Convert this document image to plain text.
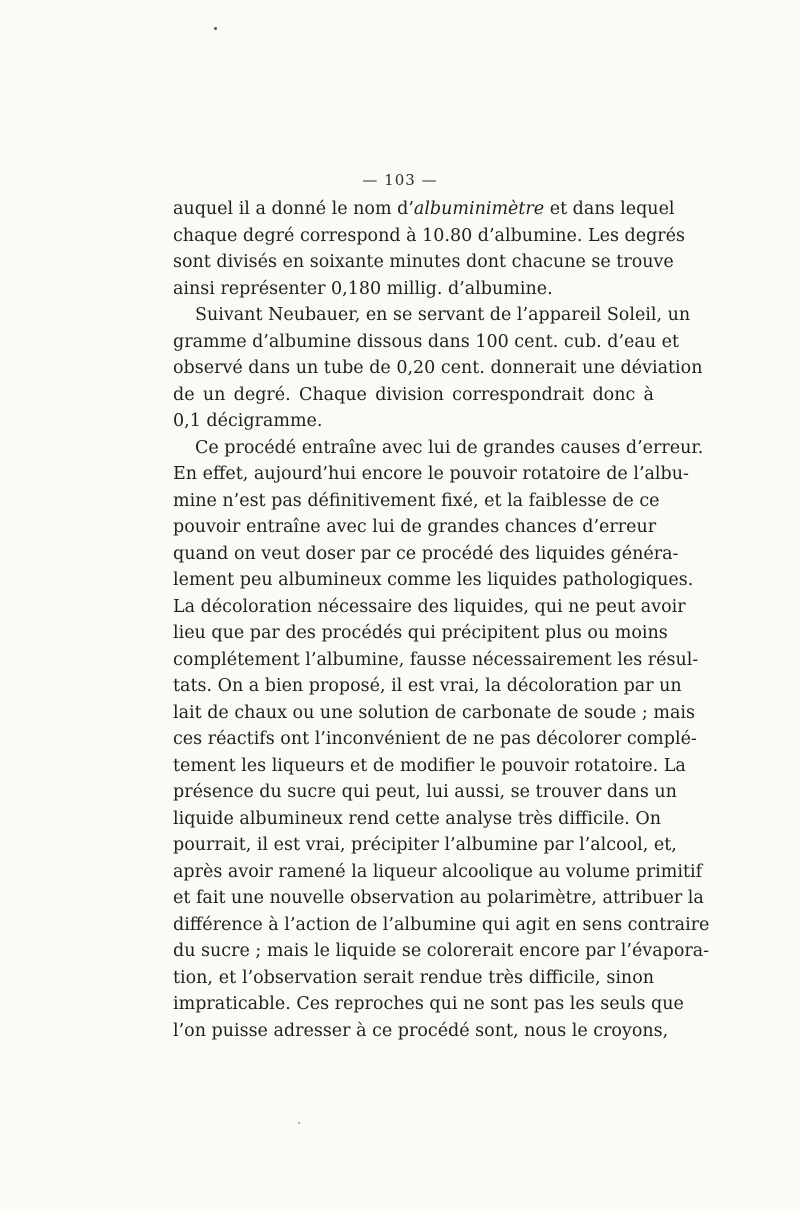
— 103 —
auquel il a donné le nom d’albuminimètre et dans lequel
chaque degré correspond à 10.80 d’albumine. Les degrés
sont divisés en soixante minutes dont chacune se trouve
ainsi représenter 0,180 millig. d’albumine.
Suivant Neubauer, en se servant de l’appareil Soleil, un
gramme d’albumine dissous dans 100 cent. cub. d’eau et
observé dans un tube de 0,20 cent. donnerait une déviation
de un degré. Chaque division correspondrait donc à
0,1 décigramme.
Ce procédé entraîne avec lui de grandes causes d’erreur.
En effet, aujourd’hui encore le pouvoir rotatoire de l’albu-
mine n’est pas définitivement fixé, et la faiblesse de ce
pouvoir entraîne avec lui de grandes chances d’erreur
quand on veut doser par ce procédé des liquides généra-
lement peu albumineux comme les liquides pathologiques.
La décoloration nécessaire des liquides, qui ne peut avoir
lieu que par des procédés qui précipitent plus ou moins
complétement l’albumine, fausse nécessairement les résul-
tats. On a bien proposé, il est vrai, la décoloration par un
lait de chaux ou une solution de carbonate de soude ; mais
ces réactifs ont l’inconvénient de ne pas décolorer complé-
tement les liqueurs et de modifier le pouvoir rotatoire. La
présence du sucre qui peut, lui aussi, se trouver dans un
liquide albumineux rend cette analyse très difficile. On
pourrait, il est vrai, précipiter l’albumine par l’alcool, et,
après avoir ramené la liqueur alcoolique au volume primitif
et fait une nouvelle observation au polarimètre, attribuer la
différence à l’action de l’albumine qui agit en sens contraire
du sucre ; mais le liquide se colorerait encore par l’évapora-
tion, et l’observation serait rendue très difficile, sinon
impraticable. Ces reproches qui ne sont pas les seuls que
l’on puisse adresser à ce procédé sont, nous le croyons,
